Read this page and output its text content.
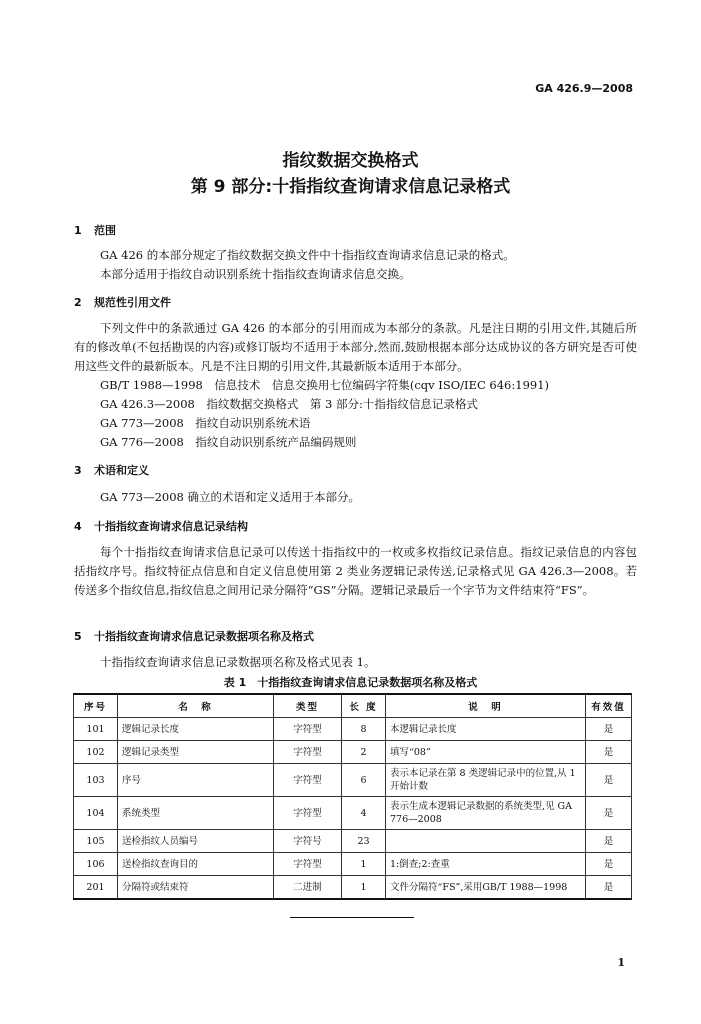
GA 426.9—2008
指纹数据交换格式
第 9 部分:十指指纹查询请求信息记录格式
1 范围
GA 426 的本部分规定了指纹数据交换文件中十指指纹查询请求信息记录的格式。
本部分适用于指纹自动识别系统十指指纹查询请求信息交换。
2 规范性引用文件
下列文件中的条款通过 GA 426 的本部分的引用而成为本部分的条款。凡是注日期的引用文件,其随后所有的修改单(不包括勘误的内容)或修订版均不适用于本部分,然而,鼓励根据本部分达成协议的各方研究是否可使用这些文件的最新版本。凡是不注日期的引用文件,其最新版本适用于本部分。
GB/T 1988—1998　信息技术　信息交换用七位编码字符集(cqv ISO/IEC 646:1991)
GA 426.3—2008　指纹数据交换格式　第 3 部分:十指指纹信息记录格式
GA 773—2008　指纹自动识别系统术语
GA 776—2008　指纹自动识别系统产品编码规则
3 术语和定义
GA 773—2008 确立的术语和定义适用于本部分。
4 十指指纹查询请求信息记录结构
每个十指指纹查询请求信息记录可以传送十指指纹中的一枚或多枚指纹记录信息。指纹记录信息的内容包括指纹序号。指纹特征点信息和自定义信息使用第 2 类业务逻辑记录传送,记录格式见 GA 426.3—2008。若传送多个指纹信息,指纹信息之间用记录分隔符“GS”分隔。逻辑记录最后一个字节为文件结束符“FS”。
5 十指指纹查询请求信息记录数据项名称及格式
十指指纹查询请求信息记录数据项名称及格式见表 1。
表 1　十指指纹查询请求信息记录数据项名称及格式
序号	名　称	类型	长 度	说　明	有效值
101	逻辑记录长度	字符型	8	本逻辑记录长度	是
102	逻辑记录类型	字符型	2	填写“08”	是
103	序号	字符型	6	表示本记录在第 8 类逻辑记录中的位置,从 1 开始计数	是
104	系统类型	字符型	4	表示生成本逻辑记录数据的系统类型,见 GA 776—2008	是
105	送检指纹人员编号	字符号	23		是
106	送检指纹查询目的	字符型	1	1:倒查;2:查重	是
201	分隔符或结束符	二进制	1	文件分隔符“FS”,采用GB/T 1988—1998	是
1
